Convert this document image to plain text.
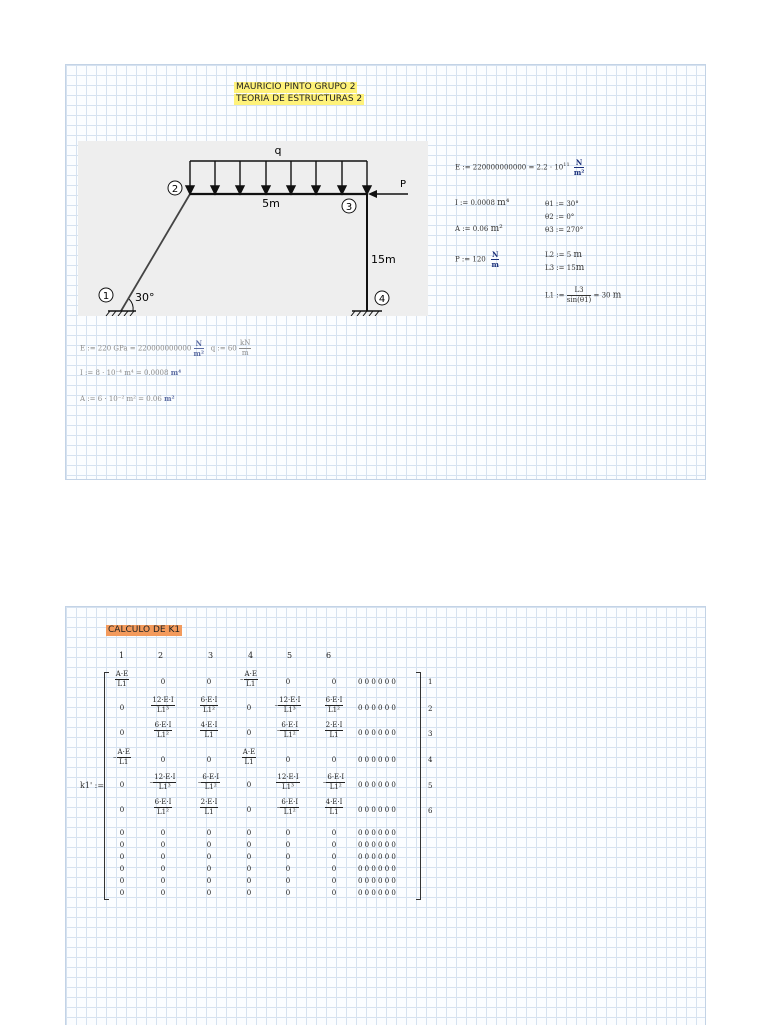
MAURICIO PINTO GRUPO 2
TEORIA DE ESTRUCTURAS 2
q
P
5m
15m
2
3
1	4
30°
E := $220000000000 = 2.2 \cdot 10^{11} \frac{N}{\text{m²}}$
I := 0.0008 m⁴
A := 0.06 m²
P := $120 \frac{N}{m}$
θ1 := 30°
θ2 := 0°
θ3 := 270°
L2 := 5 m
L3 := 15m
L1 := $\frac{L3}{\sin(\theta 1)} = 30$ m
E := 220 GPa = $220000000000 \frac{N}{\text{m²}}$ q := $60 \frac{kN}{m}$
I := 8 · 10⁻⁴ m⁴ = 0.0008 m⁴
A := 6 · 10⁻² m² = 0.06 m²
CALCULO DE K1
1	2	3	4	5	6
k1' :=
$\frac{A\cdot E}{L1}$	0	0	– $\frac{A\cdot E}{L1}$	0	0	0 0 0 0 0 0
0	$\frac{12\cdot E\cdot I}{\text{L1³}}$	$\frac{6\cdot E\cdot I}{\text{L1²}}$	0	– $\frac{12\cdot E\cdot I}{\text{L1³}}$	$\frac{6\cdot E\cdot I}{\text{L1²}} 0$ 0 0 0 0 0
0	$\frac{6\cdot E\cdot I}{\text{L1²}}$	$\frac{4\cdot E\cdot I}{L1}$	0	– $\frac{6\cdot E\cdot I}{\text{L1²}}$	$\frac{2\cdot E\cdot I}{L1} 0$ 0 0 0 0 0
– $\frac{A\cdot E}{L1}$	0	0	$\frac{A\cdot E}{L1}$	0	0	0 0 0 0 0 0
0	– $\frac{12\cdot E\cdot I}{\text{L1³}}$	– $\frac{6\cdot E\cdot I}{\text{L1²}}$	0	$\frac{12\cdot E\cdot I}{\text{L1³}}$	– $\frac{6\cdot E\cdot I}{\text{L1²}} 0$ 0 0 0 0 0
0	$\frac{6\cdot E\cdot I}{\text{L1²}}$	$\frac{2\cdot E\cdot I}{L1}$	0	– $\frac{6\cdot E\cdot I}{\text{L1²}}$	$\frac{4\cdot E\cdot I}{L1} 0$ 0 0 0 0 0
0	0	0	0	0	0	0 0 0 0 0 0
0	0	0	0	0	0	0 0 0 0 0 0
0	0	0	0	0	0	0 0 0 0 0 0
0	0	0	0	0	0	0 0 0 0 0 0
0	0	0	0	0	0	0 0 0 0 0 0
0	0	0	0	0	0	0 0 0 0 0 0
1
2
3
4
5
6
